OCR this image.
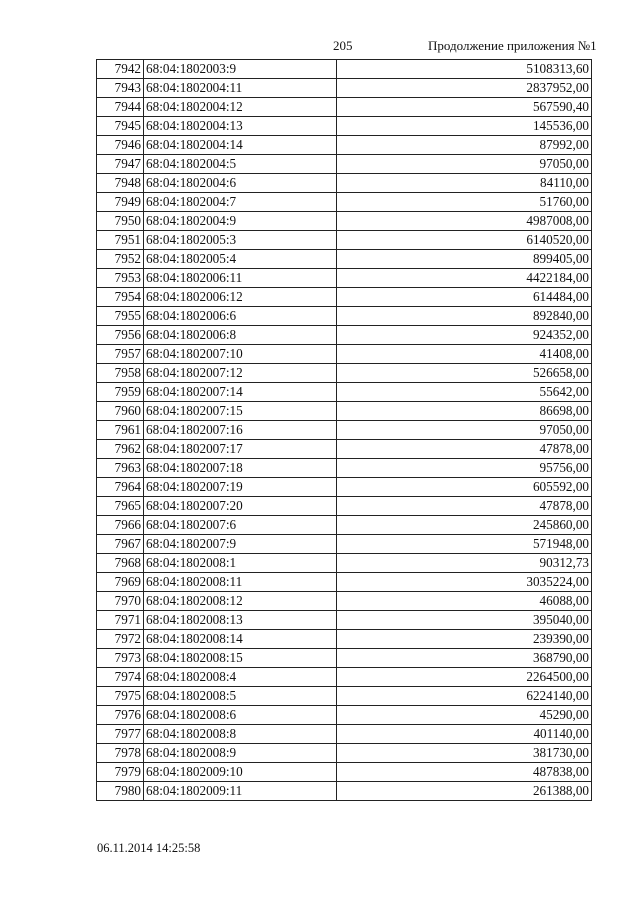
205	Продолжение приложения №1
7942	68:04:1802003:9	5108313,60
7943	68:04:1802004:11	2837952,00
7944	68:04:1802004:12	567590,40
7945	68:04:1802004:13	145536,00
7946	68:04:1802004:14	87992,00
7947	68:04:1802004:5	97050,00
7948	68:04:1802004:6	84110,00
7949	68:04:1802004:7	51760,00
7950	68:04:1802004:9	4987008,00
7951	68:04:1802005:3	6140520,00
7952	68:04:1802005:4	899405,00
7953	68:04:1802006:11	4422184,00
7954	68:04:1802006:12	614484,00
7955	68:04:1802006:6	892840,00
7956	68:04:1802006:8	924352,00
7957	68:04:1802007:10	41408,00
7958	68:04:1802007:12	526658,00
7959	68:04:1802007:14	55642,00
7960	68:04:1802007:15	86698,00
7961	68:04:1802007:16	97050,00
7962	68:04:1802007:17	47878,00
7963	68:04:1802007:18	95756,00
7964	68:04:1802007:19	605592,00
7965	68:04:1802007:20	47878,00
7966	68:04:1802007:6	245860,00
7967	68:04:1802007:9	571948,00
7968	68:04:1802008:1	90312,73
7969	68:04:1802008:11	3035224,00
7970	68:04:1802008:12	46088,00
7971	68:04:1802008:13	395040,00
7972	68:04:1802008:14	239390,00
7973	68:04:1802008:15	368790,00
7974	68:04:1802008:4	2264500,00
7975	68:04:1802008:5	6224140,00
7976	68:04:1802008:6	45290,00
7977	68:04:1802008:8	401140,00
7978	68:04:1802008:9	381730,00
7979	68:04:1802009:10	487838,00
7980	68:04:1802009:11	261388,00
06.11.2014 14:25:58
